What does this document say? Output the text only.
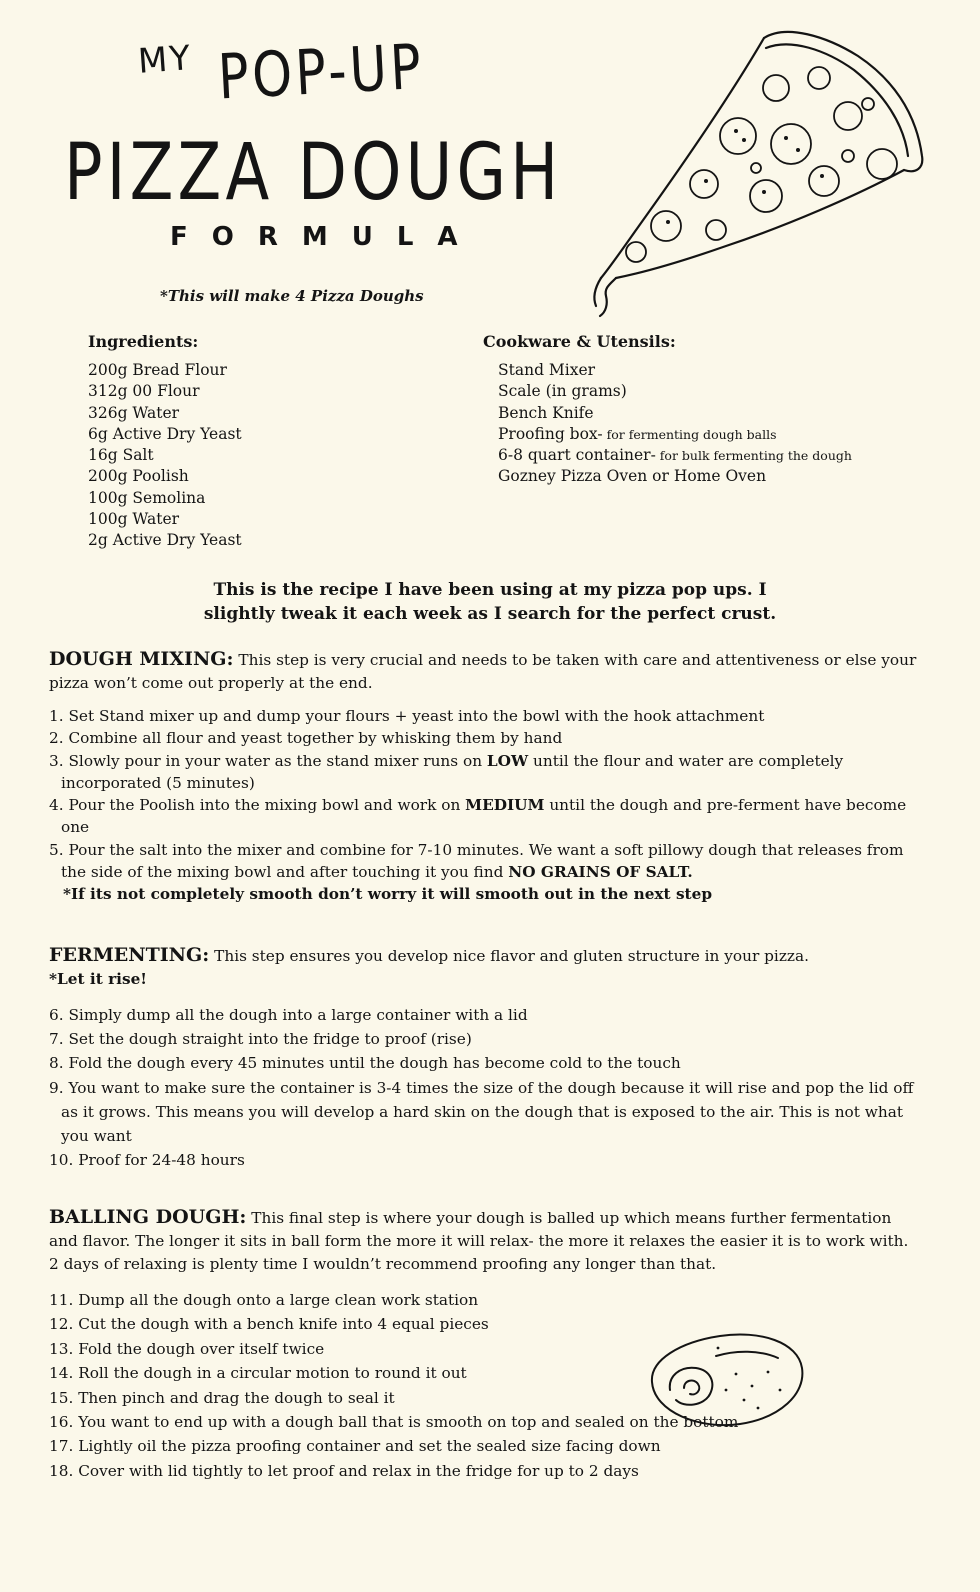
MY POP-UP
PIZZA DOUGH
FORMULA
*This will make 4 Pizza Doughs
Ingredients:
200g Bread Flour
312g 00 Flour
326g Water
6g Active Dry Yeast
16g Salt
200g Poolish
100g Semolina
100g Water
2g Active Dry Yeast
Cookware & Utensils:
Stand Mixer
Scale (in grams)
Bench Knife
Proofing box- for fermenting dough balls
6-8 quart container- for bulk fermenting the dough
Gozney Pizza Oven or Home Oven
This is the recipe I have been using at my pizza pop ups. I
slightly tweak it each week as I search for the perfect crust.
DOUGH MIXING: This step is very crucial and needs to be taken with care and attentiveness or else your pizza won’t come out properly at the end.
1. Set Stand mixer up and dump your flours + yeast into the bowl with the hook attachment
2. Combine all flour and yeast together by whisking them by hand
3. Slowly pour in your water as the stand mixer runs on LOW until the flour and water are completely incorporated (5 minutes)
4. Pour the Poolish into the mixing bowl and work on MEDIUM until the dough and pre-ferment have become one
5. Pour the salt into the mixer and combine for 7-10 minutes. We want a soft pillowy dough that releases from the side of the mixing bowl and after touching it you find NO GRAINS OF SALT.
*If its not completely smooth don’t worry it will smooth out in the next step
FERMENTING: This step ensures you develop nice flavor and gluten structure in your pizza.
*Let it rise!
6. Simply dump all the dough into a large container with a lid
7. Set the dough straight into the fridge to proof (rise)
8. Fold the dough every 45 minutes until the dough has become cold to the touch
9. You want to make sure the container is 3-4 times the size of the dough because it will rise and pop the lid off as it grows. This means you will develop a hard skin on the dough that is exposed to the air. This is not what you want
10. Proof for 24-48 hours
BALLING DOUGH: This final step is where your dough is balled up which means further fermentation and flavor. The longer it sits in ball form the more it will relax- the more it relaxes the easier it is to work with. 2 days of relaxing is plenty time I wouldn’t recommend proofing any longer than that.
11. Dump all the dough onto a large clean work station
12. Cut the dough with a bench knife into 4 equal pieces
13. Fold the dough over itself twice
14. Roll the dough in a circular motion to round it out
15. Then pinch and drag the dough to seal it
16. You want to end up with a dough ball that is smooth on top and sealed on the bottom
17. Lightly oil the pizza proofing container and set the sealed size facing down
18. Cover with lid tightly to let proof and relax in the fridge for up to 2 days
